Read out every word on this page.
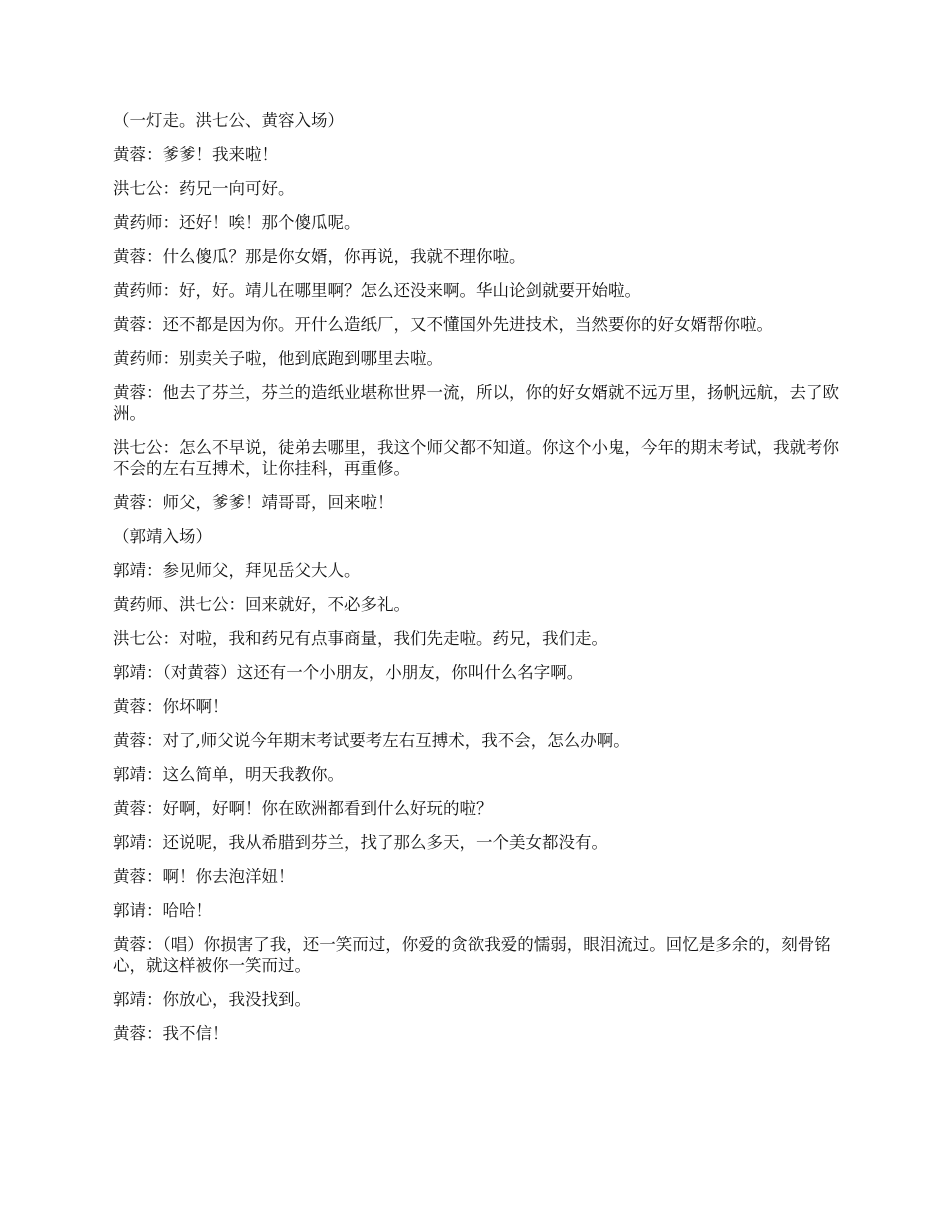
（一灯走。洪七公、黄容入场）

黄蓉：爹爹！我来啦！

洪七公：药兄一向可好。

黄药师：还好！唉！那个傻瓜呢。

黄蓉：什么傻瓜？那是你女婿，你再说，我就不理你啦。

黄药师：好，好。靖儿在哪里啊？怎么还没来啊。华山论剑就要开始啦。

黄蓉：还不都是因为你。开什么造纸厂，又不懂国外先进技术，当然要你的好女婿帮你啦。

黄药师：别卖关子啦，他到底跑到哪里去啦。

黄蓉：他去了芬兰，芬兰的造纸业堪称世界一流，所以，你的好女婿就不远万里，扬帆远航，去了欧洲。

洪七公：怎么不早说，徒弟去哪里，我这个师父都不知道。你这个小鬼，今年的期末考试，我就考你不会的左右互搏术，让你挂科，再重修。

黄蓉：师父，爹爹！靖哥哥，回来啦！

（郭靖入场）

郭靖：参见师父，拜见岳父大人。

黄药师、洪七公：回来就好，不必多礼。

洪七公：对啦，我和药兄有点事商量，我们先走啦。药兄，我们走。

郭靖：（对黄蓉）这还有一个小朋友，小朋友，你叫什么名字啊。

黄蓉：你坏啊！

黄蓉：对了,师父说今年期末考试要考左右互搏术，我不会，怎么办啊。

郭靖：这么简单，明天我教你。

黄蓉：好啊，好啊！你在欧洲都看到什么好玩的啦？

郭靖：还说呢，我从希腊到芬兰，找了那么多天，一个美女都没有。

黄蓉：啊！你去泡洋妞！

郭请：哈哈！

黄蓉：（唱）你损害了我，还一笑而过，你爱的贪欲我爱的懦弱，眼泪流过。回忆是多余的，刻骨铭心，就这样被你一笑而过。

郭靖：你放心，我没找到。

黄蓉：我不信！
